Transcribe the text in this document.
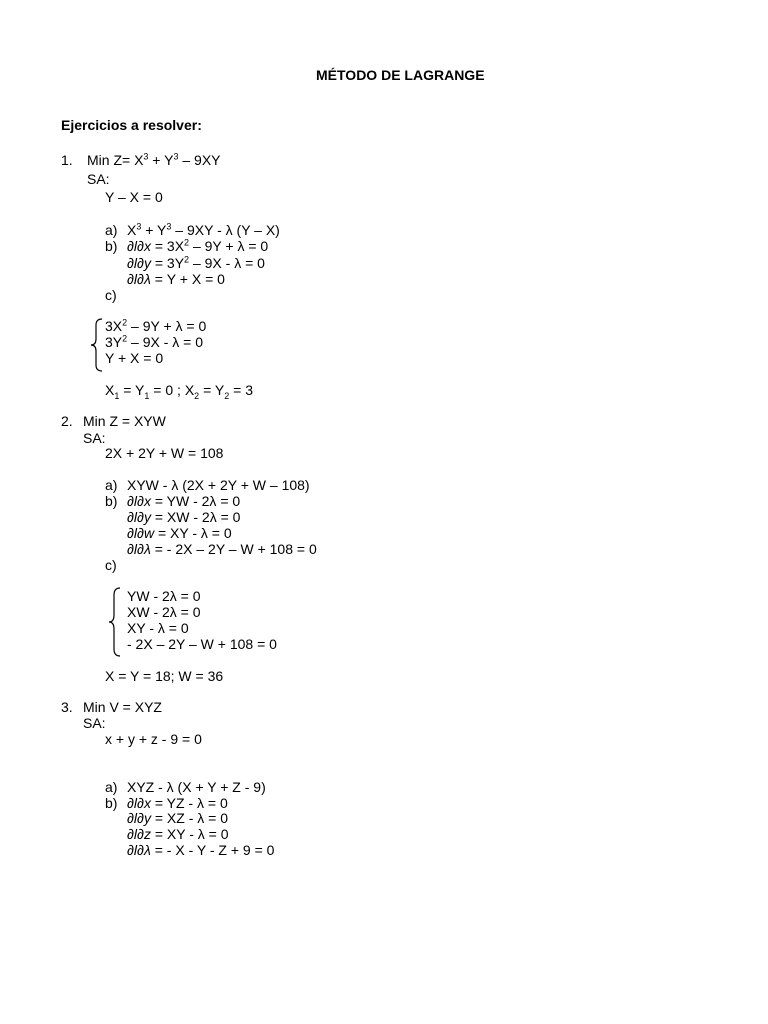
MÉTODO DE LAGRANGE
Ejercicios a resolver:
1. Min $Z= X^3 + Y^3 - 9XY$
SA:
Y – X = 0
a) $X^3 + Y^3 - 9XY - \lambda$ (Y – X)
b) $\partial l\partial x = 3X^2 - 9Y + \lambda = 0$
$\partial l\partial y = 3Y^2 - 9X - \lambda = 0$
∂l∂λ = Y + X = 0
c)
$3X^2 - 9Y + \lambda = 0$
$3Y^2 - 9X - \lambda = 0$
Y + X = 0
$X_1 = Y_1 = 0$ ; $X_2 = Y_2 = 3$
2. Min Z = XYW
SA:
2X + 2Y + W = 108
a) XYW - λ (2X + 2Y + W – 108)
b) ∂l∂x = YW - 2λ = 0
∂l∂y = XW - 2λ = 0
∂l∂w = XY - λ = 0
∂l∂λ = - 2X – 2Y – W + 108 = 0
c)
YW - 2λ = 0
XW - 2λ = 0
XY - λ = 0
- 2X – 2Y – W + 108 = 0
X = Y = 18; W = 36
3. Min V = XYZ
SA:
x + y + z - 9 = 0
a) XYZ - λ (X + Y + Z - 9)
b) ∂l∂x = YZ - λ = 0
∂l∂y = XZ - λ = 0
∂l∂z = XY - λ = 0
∂l∂λ = - X - Y - Z + 9 = 0
